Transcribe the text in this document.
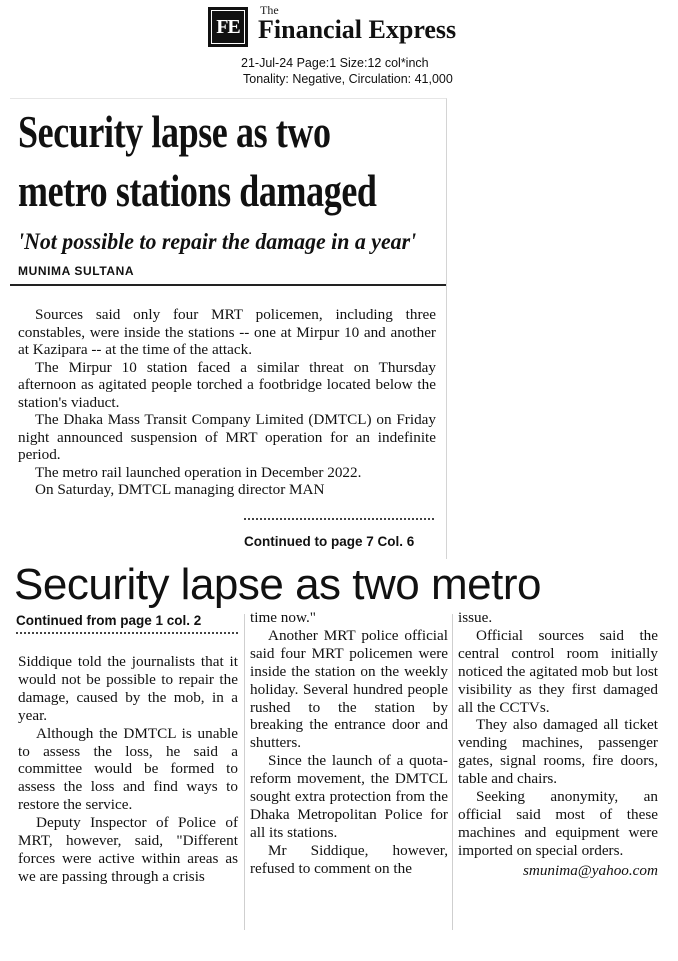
FE
The
Financial Express
21-Jul-24 Page:1 Size:12 col*inch
Tonality: Negative, Circulation: 41,000
Security lapse as two
metro stations damaged
'Not possible to repair the damage in a year'
MUNIMA SULTANA

Sources said only four MRT policemen, including three constables, were inside the stations -- one at Mirpur 10 and another at Kazipara -- at the time of the attack.

The Mirpur 10 station faced a similar threat on Thursday afternoon as agitated people torched a footbridge located below the station's viaduct.

The Dhaka Mass Transit Company Limited (DMTCL) on Friday night announced suspension of MRT operation for an indefinite period.

The metro rail launched operation in December 2022.

On Saturday, DMTCL managing director MAN

Continued to page 7 Col. 6
Security lapse as two metro
Continued from page 1 col. 2

Siddique told the journalists that it would not be possible to repair the damage, caused by the mob, in a year.

Although the DMTCL is unable to assess the loss, he said a committee would be formed to assess the loss and find ways to restore the service.

Deputy Inspector of Police of MRT, however, said, "Different forces were active within areas as we are passing through a crisis

time now."

Another MRT police official said four MRT policemen were inside the station on the weekly holiday. Several hundred people rushed to the station by breaking the entrance door and shutters.

Since the launch of a quota-reform movement, the DMTCL sought extra protection from the Dhaka Metropolitan Police for all its stations.

Mr Siddique, however, refused to comment on the

issue.

Official sources said the central control room initially noticed the agitated mob but lost visibility as they first damaged all the CCTVs.

They also damaged all ticket vending machines, passenger gates, signal rooms, fire doors, table and chairs.

Seeking anonymity, an official said most of these machines and equipment were imported on special orders.

smunima@yahoo.com
